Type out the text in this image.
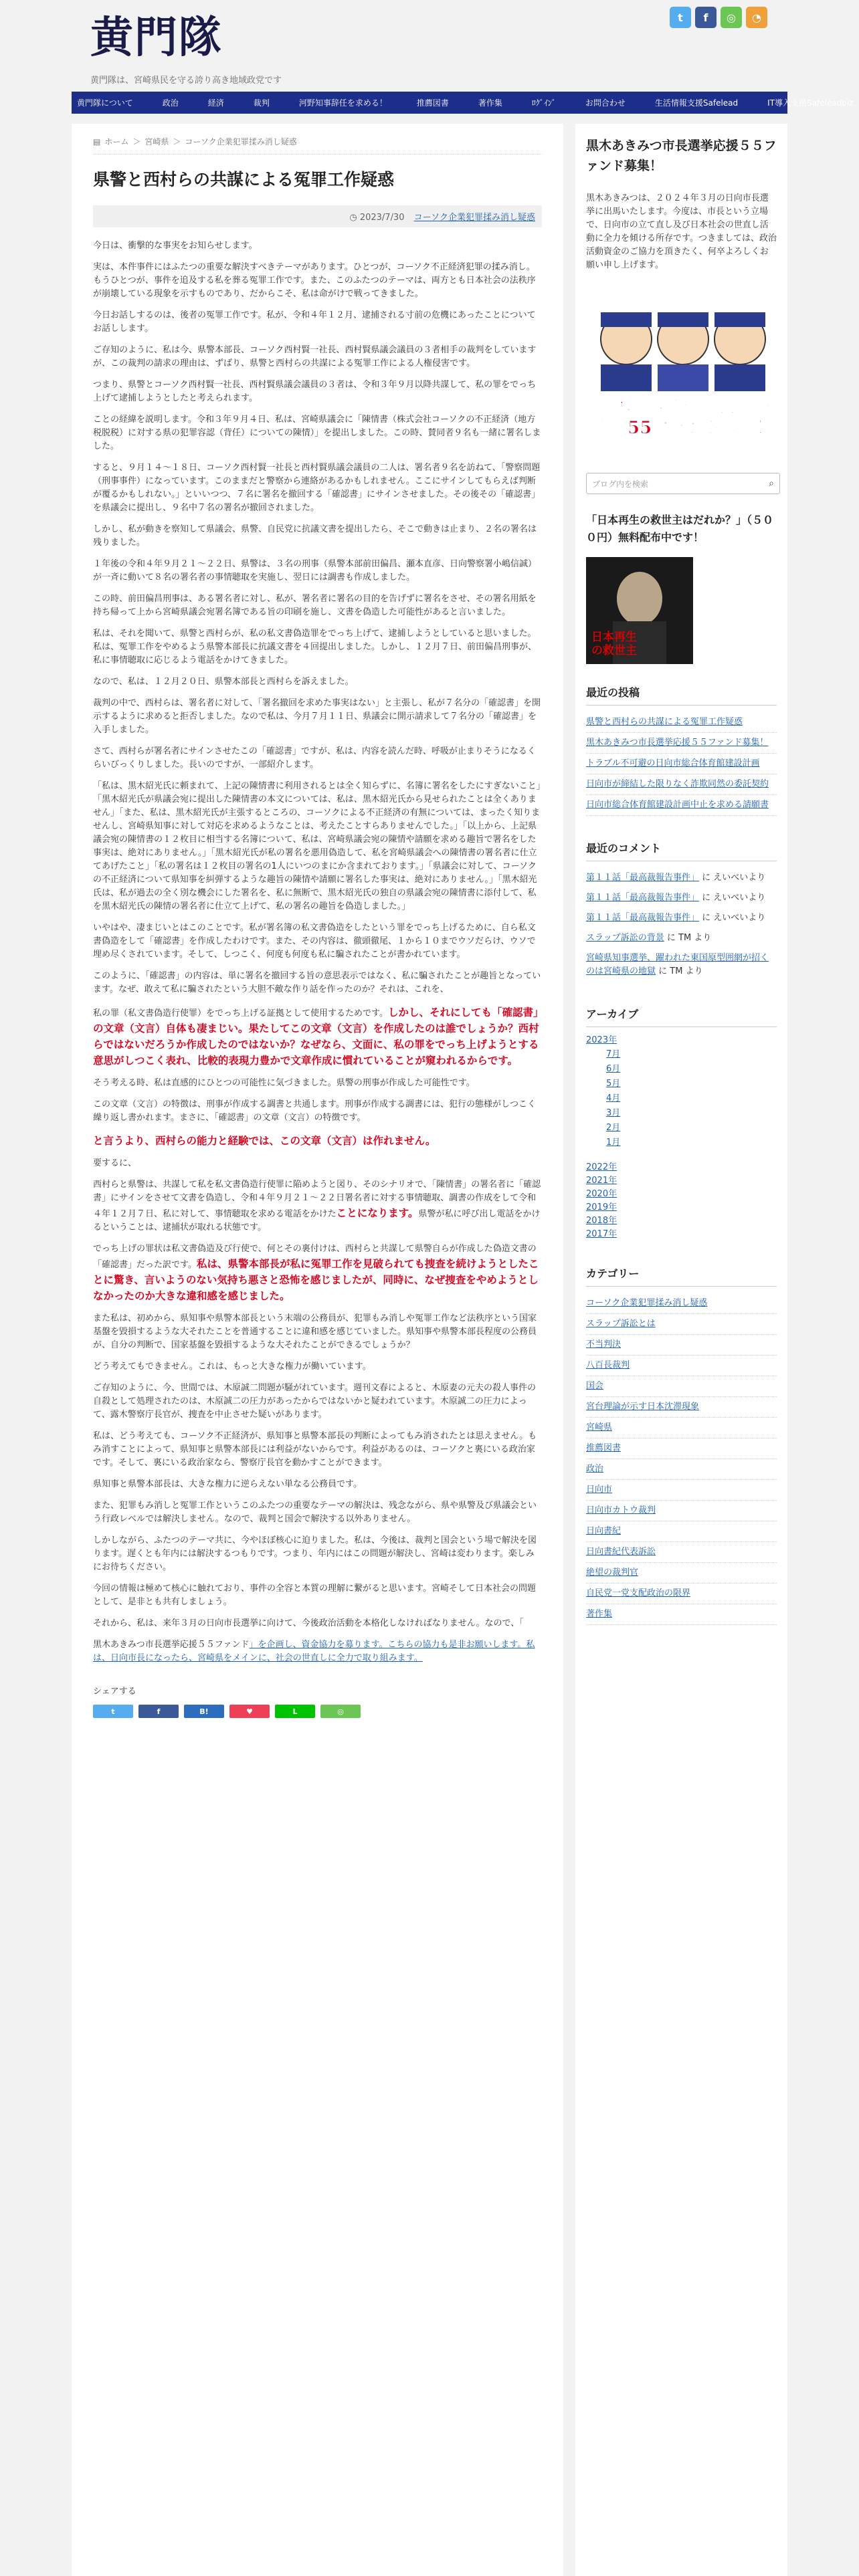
黄門隊
黄門隊は、宮崎県民を守る誇り高き地域政党です
t	f	◎	◔
黄門隊について	政治	経済	裁判	河野知事辞任を求める！	推薦図書	著作集	ﾛｸﾞｲﾝﾞ	お問合わせ	生活情報支援Safelead	IT導入支援Safeleadbiz
▤ ホーム ＞ 宮崎県 ＞ コーソク企業犯罪揉み消し疑惑
県警と西村らの共謀による冤罪工作疑惑
◷ 2023/7/30 コーソク企業犯罪揉み消し疑惑

今日は、衝撃的な事実をお知らせします。

実は、本件事件にはふたつの重要な解決すべきテーマがあります。ひとつが、コーソク不正経済犯罪の揉み消し。もうひとつが、事件を追及する私を葬る冤罪工作です。また、このふたつのテーマは、両方とも日本社会の法秩序が崩壊している現象を示すものであり、だからこそ、私は命がけで戦ってきました。

今日お話しするのは、後者の冤罪工作です。私が、令和４年１２月、逮捕される寸前の危機にあったことについてお話しします。

ご存知のように、私は今、県警本部長、コーソク西村賢一社長、西村賢県議会議員の３者相手の裁判をしていますが、この裁判の請求の理由は、ずばり、県警と西村らの共謀による冤罪工作による人権侵害です。

つまり、県警とコーソク西村賢一社長、西村賢県議会議員の３者は、令和３年９月以降共謀して、私の罪をでっち上げて逮捕しようとしたと考えられます。

ことの経緯を説明します。令和３年９月４日、私は、宮崎県議会に「陳情書（株式会社コーソクの不正経済（地方税脱税）に対する県の犯罪容認（背任）についての陳情）」を提出しました。この時、賛同者９名も一緒に署名しました。

すると、９月１４～１８日、コーソク西村賢一社長と西村賢県議会議員の二人は、署名者９名を訪ねて、「警察問題（刑事事件）になっています。このままだと警察から連絡があるかもしれません。ここにサインしてもらえば判断が覆るかもしれない。」といいつつ、７名に署名を撤回する「確認書」にサインさせました。その後その「確認書」を県議会に提出し、９名中７名の署名が撤回されました。

しかし、私が動きを察知して県議会、県警、自民党に抗議文書を提出したら、そこで動きは止まり、２名の署名は残りました。

１年後の令和４年９月２１～２２日、県警は、３名の刑事（県警本部前田偏昌、瀬本直彦、日向警察署小嶋信誠）が一斉に動いて８名の署名者の事情聴取を実施し、翌日には調書も作成しました。

この時、前田偏昌刑事は、ある署名者に対し、私が、署名者に署名の目的を告げずに署名をさせ、その署名用紙を持ち帰って上から宮崎県議会宛署名簿である旨の印刷を施し、文書を偽造した可能性があると言いました。

私は、それを聞いて、県警と西村らが、私の私文書偽造罪をでっち上げて、逮捕しようとしていると思いました。私は、冤罪工作をやめるよう県警本部長に抗議文書を４回提出しました。しかし、１２月７日、前田偏昌刑事が、私に事情聴取に応じるよう電話をかけてきました。

なので、私は、１２月２０日、県警本部長と西村らを訴えました。

裁判の中で、西村らは、署名者に対して、「署名撤回を求めた事実はない」と主張し、私が７名分の「確認書」を開示するように求めると拒否しました。なので私は、今月７月１１日、県議会に開示請求して７名分の「確認書」を入手しました。

さて、西村らが署名者にサインさせたこの「確認書」ですが、私は、内容を読んだ時、呼吸が止まりそうになるくらいびっくりしました。長いのですが、一部紹介します。

「私は、黒木紹光氏に頼まれて、上記の陳情書に利用されるとは全く知らずに、名簿に署名をしたにすぎないこと」「黒木紹光氏が県議会宛に提出した陳情書の本文については、私は、黒木紹光氏から見せられたことは全くありません」「また、私は、黒木紹光氏が主張するところの、コーソクによる不正経済の有無については、まったく知りませんし、宮崎県知事に対して対応を求めるようなことは、考えたことすらありませんでした。」「以上から、上記県議会宛の陳情書の１２枚目に相当する名簿について、私は、宮崎県議会宛の陳情や請願を求める趣旨で署名をした事実は、絶対にありません。」「黒木紹光氏が私の署名を悪用偽造して、私を宮崎県議会への陳情書の署名者に仕立てあげたこと」「私の署名は１２枚目の署名の1人にいつのまにか含まれております。」「県議会に対して、コーソクの不正経済について県知事を糾弾するような趣旨の陳情や請願に署名した事実は、絶対にありません。」「黒木紹光氏は、私が過去の全く別な機会にした署名を、私に無断で、黒木紹光氏の独自の県議会宛の陳情書に添付して、私を黒木紹光氏の陳情の署名者に仕立て上げて、私の署名の趣旨を偽造しました。」

いやはや、凄まじいとはこのことです。私が署名簿の私文書偽造をしたという罪をでっち上げるために、自ら私文書偽造をして「確認書」を作成したわけです。また、その内容は、徹頭徹尾、１から１０までウソだらけ、ウソで埋め尽くされています。そして、しつこく、何度も何度も私に騙されたことが書かれています。

このように、「確認書」の内容は、単に署名を撤回する旨の意思表示ではなく、私に騙されたことが趣旨となっています。なぜ、敢えて私に騙されたという大胆不敵な作り話を作ったのか？それは、これを、

私の罪（私文書偽造行使罪）をでっち上げる証拠として使用するためです。しかし、それにしても「確認書」の文章（文言）自体も凄まじい。果たしてこの文章（文言）を作成したのは誰でしょうか？西村らではないだろうか作成したのではないか？なぜなら、文面に、私の罪をでっち上げようとする意思がしつこく表れ、比較的表現力豊かで文章作成に慣れていることが窺われるからです。

そう考える時、私は直感的にひとつの可能性に気づきました。県警の刑事が作成した可能性です。

この文章（文言）の特徴は、刑事が作成する調書と共通します。刑事が作成する調書には、犯行の態様がしつこく繰り返し書かれます。まさに、「確認書」の文章（文言）の特徴です。

と言うより、西村らの能力と経験では、この文章（文言）は作れません。

要するに、

西村らと県警は、共謀して私を私文書偽造行使罪に陥めようと図り、そのシナリオで、「陳情書」の署名者に「確認書」にサインをさせて文書を偽造し、令和４年９月２１～２２日署名者に対する事情聴取、調書の作成をして令和４年１２月７日、私に対して、事情聴取を求める電話をかけたことになります。県警が私に呼び出し電話をかけるということは、逮捕状が取れる状態です。

でっち上げの罪状は私文書偽造及び行使で、何とその裏付けは、西村らと共謀して県警自らが作成した偽造文書の「確認書」だった訳です。私は、県警本部長が私に冤罪工作を見破られても捜査を続けようとしたことに驚き、言いようのない気持ち悪さと恐怖を感じましたが、同時に、なぜ捜査をやめようとしなかったのか大きな違和感を感じました。

また私は、初めから、県知事や県警本部長という末端の公務員が、犯罪もみ消しや冤罪工作など法秩序という国家基盤を毀損するような大それたことを普通することに違和感を感じていました。県知事や県警本部長程度の公務員が、自分の判断で、国家基盤を毀損するような大それたことができるでしょうか？

どう考えてもできません。これは、もっと大きな権力が働いています。

ご存知のように、今、世間では、木原誠二問題が騒がれています。週刊文春によると、木原妻の元夫の殺人事件の自殺として処理されたのは、木原誠二の圧力があったからではないかと疑われています。木原誠二の圧力によって、露木警察庁長官が、捜査を中止させた疑いがあります。

私は、どう考えても、コーソク不正経済が、県知事と県警本部長の判断によってもみ消されたとは思えません。もみ消すことによって、県知事と県警本部長には利益がないからです。利益があるのは、コーソクと裏にいる政治家です。そして、裏にいる政治家なら、警察庁長官を動かすことができます。

県知事と県警本部長は、大きな権力に逆らえない単なる公務員です。

また、犯罪もみ消しと冤罪工作というこのふたつの重要なテーマの解決は、残念ながら、県や県警及び県議会という行政レベルでは解決しません。なので、裁判と国会で解決する以外ありません。

しかしながら、ふたつのテーマ共に、今やほぼ核心に迫りました。私は、今後は、裁判と国会という場で解決を図ります。遅くとも年内には解決するつもりです。つまり、年内にはこの問題が解決し、宮崎は変わります。楽しみにお待ちください。

今回の情報は極めて核心に触れており、事件の全容と本質の理解に繋がると思います。宮崎そして日本社会の問題として、是非とも共有しましょう。

それから、私は、来年３月の日向市長選挙に向けて、今後政治活動を本格化しなければなりません。なので、「

黒木あきみつ市長選挙応援５５ファンド」を企画し、資金協力を募ります。こちらの協力も是非お願いします。私は、日向市長になったら、宮崎県をメインに、社会の世直しに全力で取り組みます。

シェアする
t	f	B!	♥	L	◎
黒木あきみつ市長選挙応援５５ファンド募集！

黒木あきみつは、２０２４年３月の日向市長選挙に出馬いたします。今度は、市長という立場で、日向市の立て直し及び日本社会の世直し活動に全力を傾ける所存です。つきましては、政治活動資金のご協力を頂きたく、何卒よろしくお願い申し上げます。

黒木あきみつ市長選挙応援55ファンド募集！
ブログ内を検索	⌕
「日本再生の救世主はだれか？」（５００円）無料配布中です！
日本再生の救世主
最近の投稿
県警と西村らの共謀による冤罪工作疑惑
黒木あきみつ市長選挙応援５５ファンド募集！
トラブル不可避の日向市総合体育館建設計画
日向市が締結した限りなく詐欺同然の委託契約
日向市総合体育館建設計画中止を求める請願書
最近のコメント
第１１話「最高裁報告事件」 に えいべいより
第１１話「最高裁報告事件」 に えいべいより
第１１話「最高裁報告事件」 に えいべいより
スラップ訴訟の背景 に TM より
宮崎県知事選挙、躍われた東国原型囲網が招くのは宮崎県の地獄 に TM より
アーカイブ
2023年
7月
6月
5月
4月
3月
2月
1月
2022年
2021年
2020年
2019年
2018年
2017年
カテゴリー
コーソク企業犯罪揉み消し疑惑
スラップ訴訟とは
不当判決
八百長裁判
国会
宮台理論が示す日本沈滞現象
宮崎県
推薦図書
政治
日向市
日向市カトウ裁判
日向書紀
日向書紀代表訴訟
絶望の裁判官
自民党一党支配政治の限界
著作集
